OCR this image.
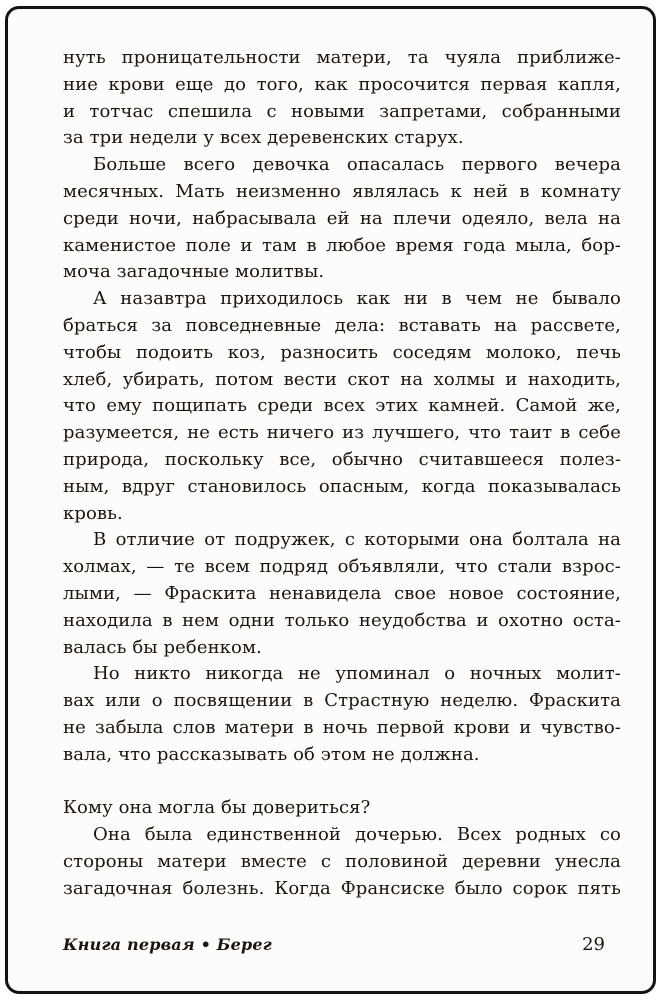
нуть проницательности матери, та чуяла приближе-
ние крови еще до того, как просочится первая капля,
и тотчас спешила с новыми запретами, собранными
за три недели у всех деревенских старух.
Больше всего девочка опасалась первого вечера
месячных. Мать неизменно являлась к ней в комнату
среди ночи, набрасывала ей на плечи одеяло, вела на
каменистое поле и там в любое время года мыла, бор-
моча загадочные молитвы.
А назавтра приходилось как ни в чем не бывало
браться за повседневные дела: вставать на рассвете,
чтобы подоить коз, разносить соседям молоко, печь
хлеб, убирать, потом вести скот на холмы и находить,
что ему пощипать среди всех этих камней. Самой же,
разумеется, не есть ничего из лучшего, что таит в себе
природа, поскольку все, обычно считавшееся полез-
ным, вдруг становилось опасным, когда показывалась
кровь.
В отличие от подружек, с которыми она болтала на
холмах, — те всем подряд объявляли, что стали взрос-
лыми, — Фраскита ненавидела свое новое состояние,
находила в нем одни только неудобства и охотно оста-
валась бы ребенком.
Но никто никогда не упоминал о ночных молит-
вах или о посвящении в Страстную неделю. Фраскита
не забыла слов матери в ночь первой крови и чувство-
вала, что рассказывать об этом не должна.
Кому она могла бы довериться?
Она была единственной дочерью. Всех родных со
стороны матери вместе с половиной деревни унесла
загадочная болезнь. Когда Франсиске было сорок пять
Книга первая • Берег	29
